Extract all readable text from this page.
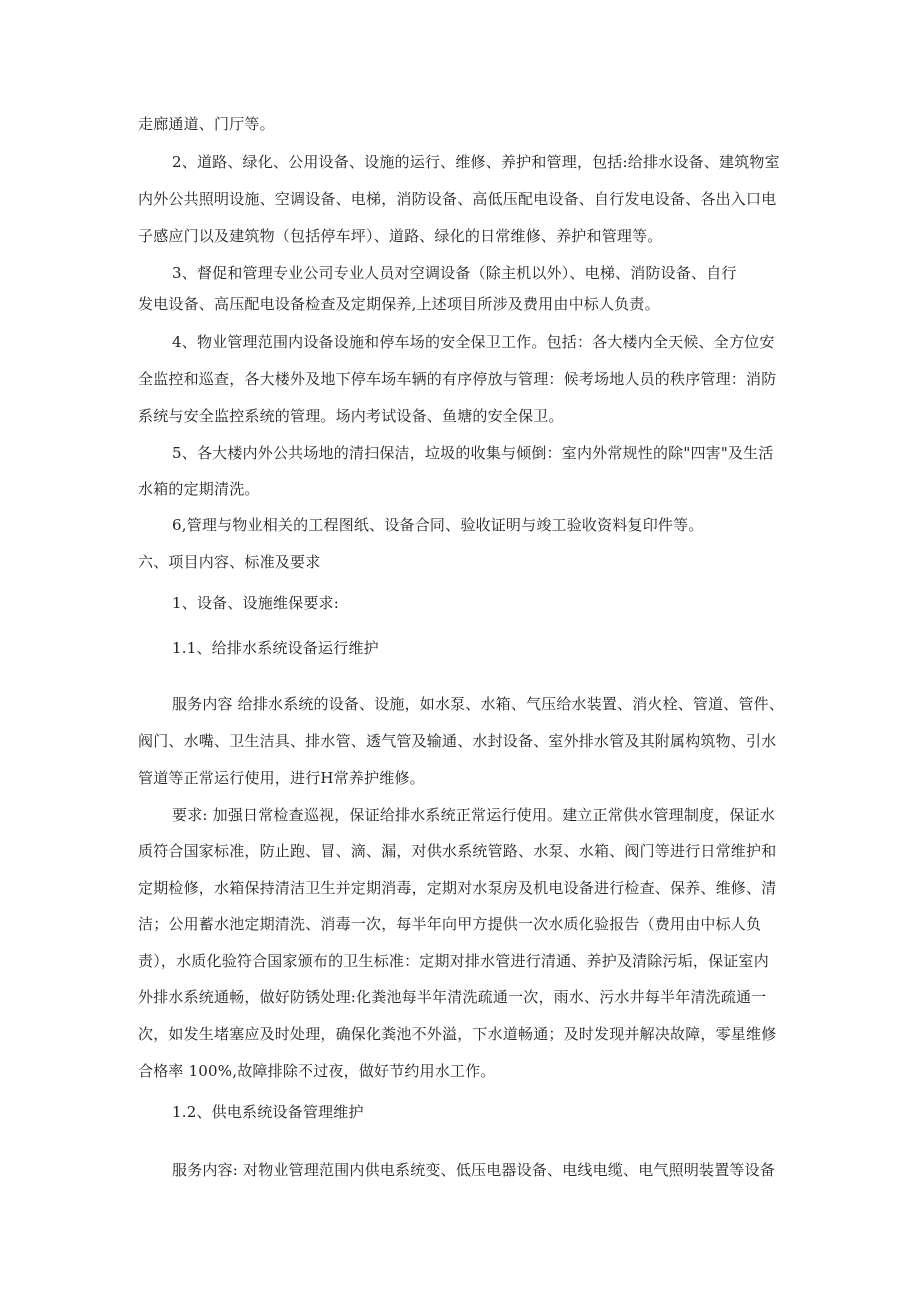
走廊通道、门厅等。
2、道路、绿化、公用设备、设施的运行、维修、养护和管理，包括:给排水设备、建筑物室
内外公共照明设施、空调设备、电梯，消防设备、高低压配电设备、自行发电设备、各出入口电
子感应门以及建筑物（包括停车坪）、道路、绿化的日常维修、养护和管理等。
3、督促和管理专业公司专业人员对空调设备（除主机以外）、电梯、消防设备、自行
发电设备、高压配电设备检查及定期保养,上述项目所涉及费用由中标人负责。
4、物业管理范围内设备设施和停车场的安全保卫工作。包括：各大楼内全天候、全方位安
全监控和巡查，各大楼外及地下停车场车辆的有序停放与管理：候考场地人员的秩序管理：消防
系统与安全监控系统的管理。场内考试设备、鱼塘的安全保卫。
5、各大楼内外公共场地的清扫保洁，垃圾的收集与倾倒：室内外常规性的除"四害"及生活
水箱的定期清洗。
6,管理与物业相关的工程图纸、设备合同、验收证明与竣工验收资料复印件等。
六、项目内容、标准及要求
1、设备、设施维保要求:
1.1、给排水系统设备运行维护
服务内容 给排水系统的设备、设施，如水泵、水箱、气压给水装置、消火栓、管道、管件、
阀门、水嘴、卫生洁具、排水管、透气管及输通、水封设备、室外排水管及其附属构筑物、引水
管道等正常运行使用，进行H常养护维修。
要求: 加强日常检查巡视，保证给排水系统正常运行使用。建立正常供水管理制度，保证水
质符合国家标准，防止跑、冒、滴、漏，对供水系统管路、水泵、水箱、阀门等进行日常维护和
定期检修，水箱保持清洁卫生并定期消毒，定期对水泵房及机电设备进行检查、保养、维修、清
洁；公用蓄水池定期清洗、消毒一次，每半年向甲方提供一次水质化验报告（费用由中标人负
责），水质化验符合国家颁布的卫生标准：定期对排水管进行清通、养护及清除污垢，保证室内
外排水系统通畅，做好防锈处理:化粪池每半年清洗疏通一次，雨水、污水井每半年清洗疏通一
次，如发生堵塞应及时处理，确保化粪池不外溢，下水道畅通；及时发现并解决故障，零星维修
合格率 100%,故障排除不过夜，做好节约用水工作。
1.2、供电系统设备管理维护
服务内容: 对物业管理范围内供电系统变、低压电器设备、电线电缆、电气照明装置等设备
